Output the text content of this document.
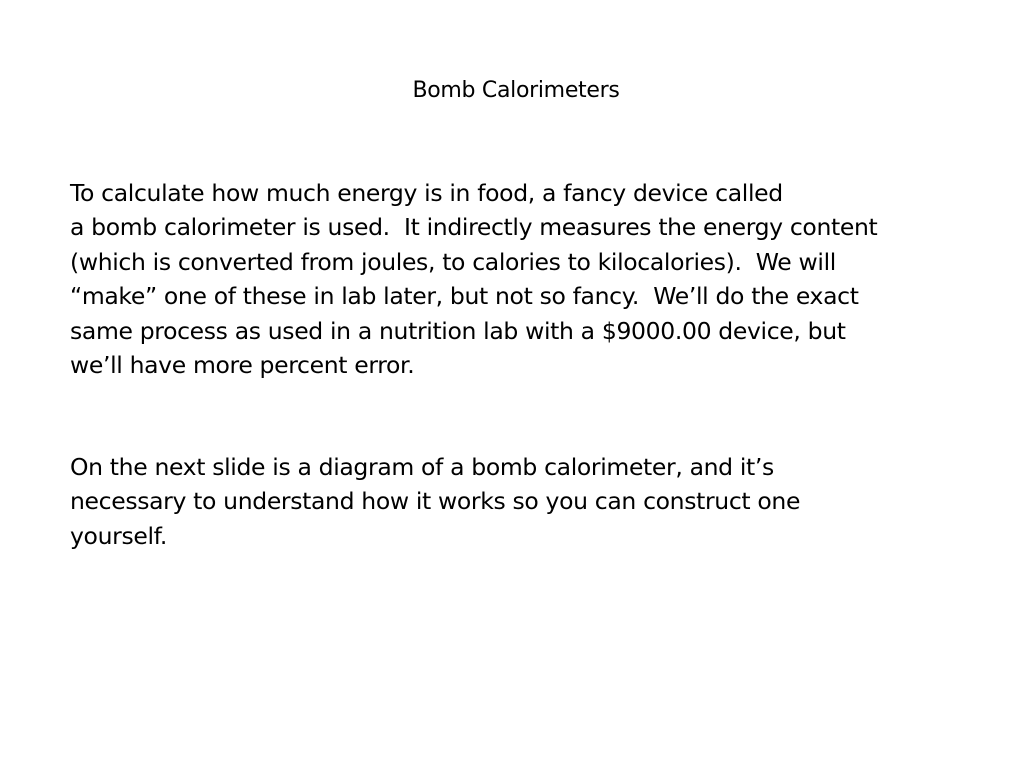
Bomb Calorimeters
To calculate how much energy is in food, a fancy device called
a bomb calorimeter is used.  It indirectly measures the energy content
(which is converted from joules, to calories to kilocalories).  We will
“make” one of these in lab later, but not so fancy.  We’ll do the exact
same process as used in a nutrition lab with a $9000.00 device, but
we’ll have more percent error.
On the next slide is a diagram of a bomb calorimeter, and it’s
necessary to understand how it works so you can construct one
yourself.
